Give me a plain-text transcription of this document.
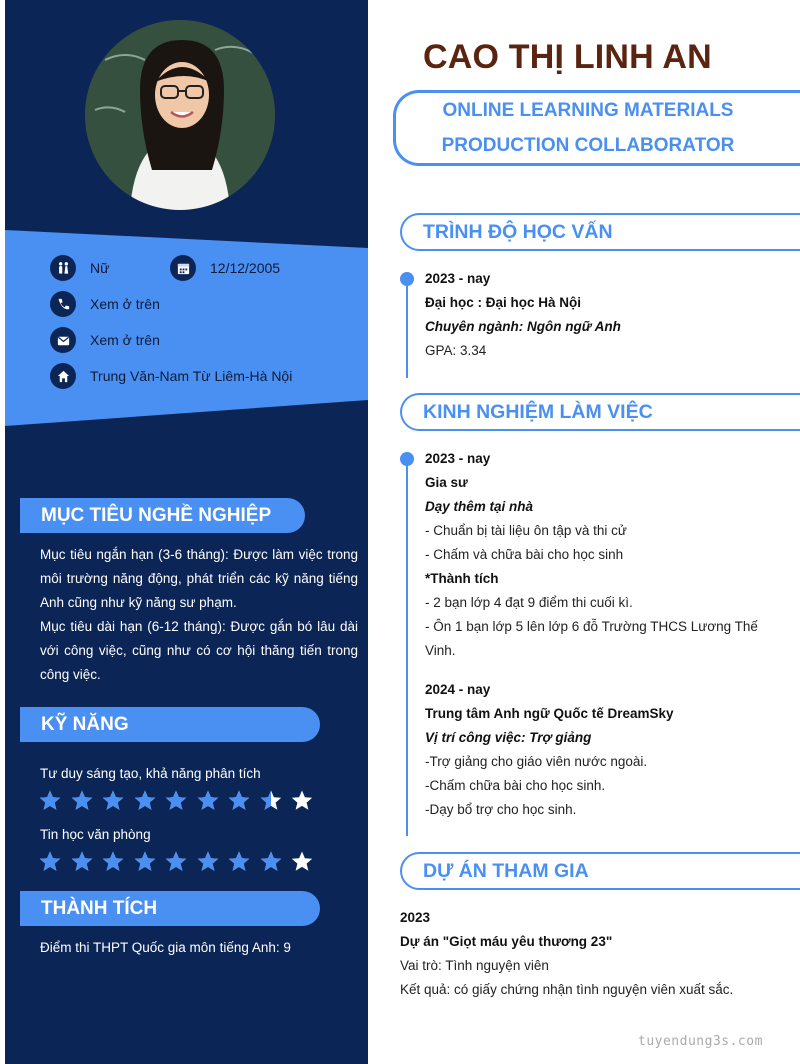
Nữ	12/12/2005
Xem ở trên
Xem ở trên
Trung Văn-Nam Từ Liêm-Hà Nội
MỤC TIÊU NGHỀ NGHIỆP
Mục tiêu ngắn hạn (3-6 tháng): Được làm việc trong môi trường năng động, phát triển các kỹ năng tiếng Anh cũng như kỹ năng sư phạm.
Mục tiêu dài hạn (6-12 tháng): Được gắn bó lâu dài với công việc, cũng như có cơ hội thăng tiến trong công việc.
KỸ NĂNG
Tư duy sáng tạo, khả năng phân tích
Tin học văn phòng
THÀNH TÍCH
Điểm thi THPT Quốc gia môn tiếng Anh: 9
CAO THỊ LINH AN
ONLINE LEARNING MATERIALS
PRODUCTION COLLABORATOR
TRÌNH ĐỘ HỌC VẤN
2023 - nay
Đại học : Đại học Hà Nội
Chuyên ngành: Ngôn ngữ Anh
GPA: 3.34
KINH NGHIỆM LÀM VIỆC
2023 - nay
Gia sư
Dạy thêm tại nhà
- Chuẩn bị tài liệu ôn tập và thi cử
- Chấm và chữa bài cho học sinh
*Thành tích
- 2 bạn lớp 4 đạt 9 điểm thi cuối kì.
- Ôn 1 bạn lớp 5 lên lớp 6 đỗ Trường THCS Lương Thế Vinh.
2024 - nay
Trung tâm Anh ngữ Quốc tế DreamSky
Vị trí công việc: Trợ giảng
-Trợ giảng cho giáo viên nước ngoài.
-Chấm chữa bài cho học sinh.
-Dạy bổ trợ cho học sinh.
DỰ ÁN THAM GIA
2023
Dự án "Giọt máu yêu thương 23"
Vai trò: Tình nguyện viên
Kết quả: có giấy chứng nhận tình nguyện viên xuất sắc.
tuyendung3s.com
